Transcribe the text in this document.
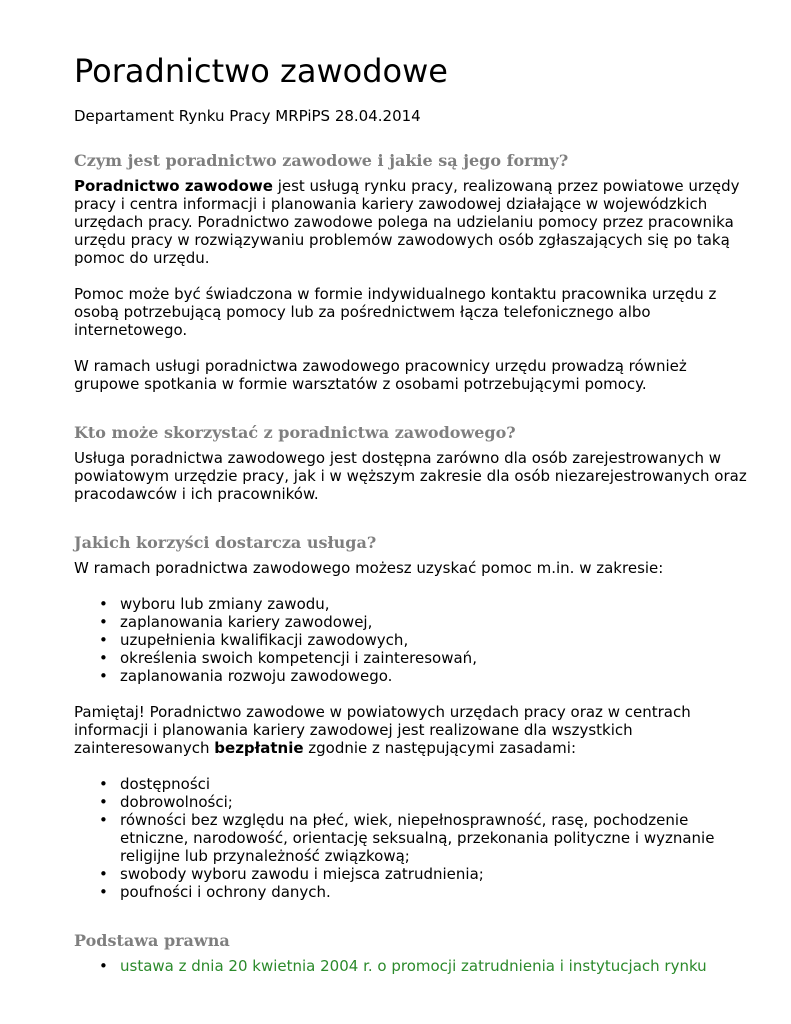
Poradnictwo zawodowe

Departament Rynku Pracy MRPiPS 28.04.2014

Czym jest poradnictwo zawodowe i jakie są jego formy?

Poradnictwo zawodowe jest usługą rynku pracy, realizowaną przez powiatowe urzędy pracy i centra informacji i planowania kariery zawodowej działające w wojewódzkich urzędach pracy. Poradnictwo zawodowe polega na udzielaniu pomocy przez pracownika urzędu pracy w rozwiązywaniu problemów zawodowych osób zgłaszających się po taką pomoc do urzędu.

Pomoc może być świadczona w formie indywidualnego kontaktu pracownika urzędu z osobą potrzebującą pomocy lub za pośrednictwem łącza telefonicznego albo internetowego.

W ramach usługi poradnictwa zawodowego pracownicy urzędu prowadzą również grupowe spotkania w formie warsztatów z osobami potrzebującymi pomocy.

Kto może skorzystać z poradnictwa zawodowego?

Usługa poradnictwa zawodowego jest dostępna zarówno dla osób zarejestrowanych w powiatowym urzędzie pracy, jak i w węższym zakresie dla osób niezarejestrowanych oraz pracodawców i ich pracowników.

Jakich korzyści dostarcza usługa?

W ramach poradnictwa zawodowego możesz uzyskać pomoc m.in. w zakresie:

• wyboru lub zmiany zawodu,
• zaplanowania kariery zawodowej,
• uzupełnienia kwalifikacji zawodowych,
• określenia swoich kompetencji i zainteresowań,
• zaplanowania rozwoju zawodowego.

Pamiętaj! Poradnictwo zawodowe w powiatowych urzędach pracy oraz w centrach informacji i planowania kariery zawodowej jest realizowane dla wszystkich zainteresowanych bezpłatnie zgodnie z następującymi zasadami:

• dostępności
• dobrowolności;
• równości bez względu na płeć, wiek, niepełnosprawność, rasę, pochodzenie etniczne, narodowość, orientację seksualną, przekonania polityczne i wyznanie religijne lub przynależność związkową;
• swobody wyboru zawodu i miejsca zatrudnienia;
• poufności i ochrony danych.
Podstawa prawna
• ustawa z dnia 20 kwietnia 2004 r. o promocji zatrudnienia i instytucjach rynku
